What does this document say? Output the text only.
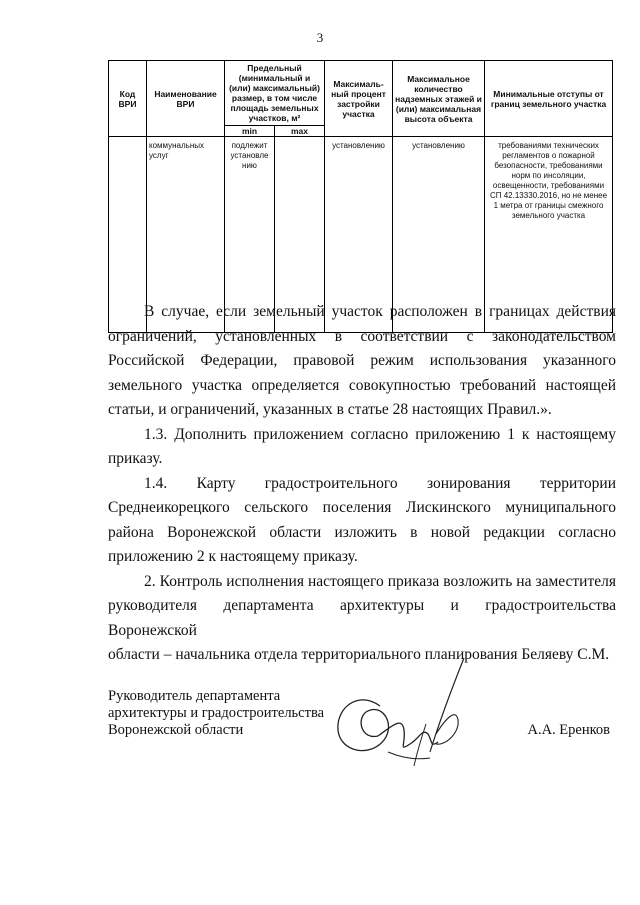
3
Код ВРИ	Наименование ВРИ	Предельный (минимальный и (или) максимальный) размер, в том числе площадь земельных участков, м²		Максималь-ный процент застройки участка	Максимальное количество надземных этажей и (или) максимальная высота объекта	Минимальные отступы от границ земельного участка
		min	max			
	коммунальных услуг	подлежит установле нию		установлению	установлению	требованиями технических регламентов о пожарной безопасности, требованиями норм по инсоляции, освещенности, требованиями СП 42.13330.2016, но не менее 1 метра от границы смежного земельного участка

В случае, если земельный участок расположен в границах действия

ограничений, установленных в соответствии с законодательством

Российской Федерации, правовой режим использования указанного

земельного участка определяется совокупностью требований настоящей

статьи, и ограничений, указанных в статье 28 настоящих Правил.».

1.3. Дополнить приложением согласно приложению 1 к настоящему

приказу.

1.4. Карту градостроительного зонирования территории

Среднеикорецкого сельского поселения Лискинского муниципального

района Воронежской области изложить в новой редакции согласно

приложению 2 к настоящему приказу.

2. Контроль исполнения настоящего приказа возложить на заместителя

руководителя департамента архитектуры и градостроительства Воронежской

области – начальника отдела территориального планирования Беляеву С.М.

Руководитель департамента
архитектуры и градостроительства
Воронежской области	А.А. Еренков
